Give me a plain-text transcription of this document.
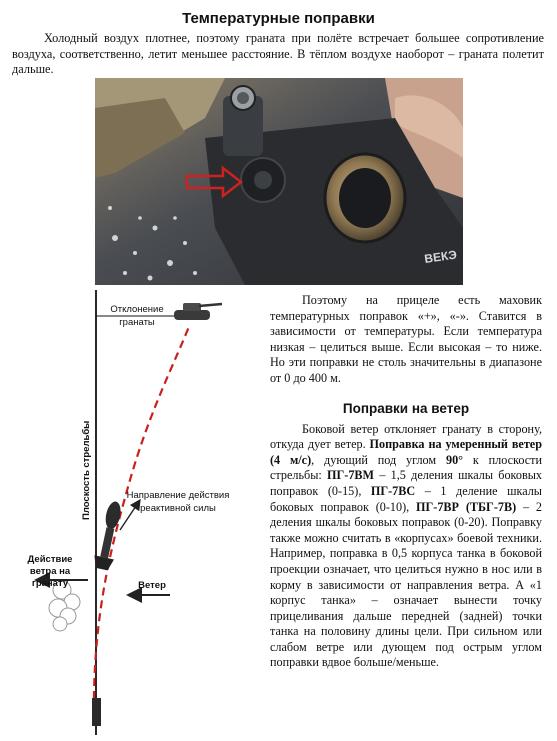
Температурные поправки

Холодный воздух плотнее, поэтому граната при полёте встречает большее сопротивление воздуха, соответственно, летит меньшее расстояние. В тёплом воздухе наоборот – граната полетит дальше.

ВЕКЭ
Отклонение
гранаты
Плоскость стрельбы	Направление действия
реактивной силы
Действие
ветра на
гранату	Ветер

Поэтому на прицеле есть маховик температурных поправок «+», «-». Ставится в зависимости от температуры. Если температура низкая – целиться выше. Если высокая – то ниже. Но эти поправки не столь значительны в диапазоне от 0 до 400 м.

Поправки на ветер

Боковой ветер отклоняет гранату в сторону, откуда дует ветер. Поправка на умеренный ветер (4 м/с), дующий под углом 90° к плоскости стрельбы: ПГ-7ВМ – 1,5 деления шкалы боковых поправок (0-15), ПГ-7ВС – 1 деление шкалы боковых поправок (0-10), ПГ-7ВР (ТБГ-7В) – 2 деления шкалы боковых поправок (0-20). Поправку также можно считать в «корпусах» боевой техники. Например, поправка в 0,5 корпуса танка в боковой проекции означает, что целиться нужно в нос или в корму в зависимости от направления ветра. А «1 корпус танка» – означает вынести точку прицеливания дальше передней (задней) точки танка на половину длины цели. При сильном или слабом ветре или дующем под острым углом поправки вдвое больше/меньше.
